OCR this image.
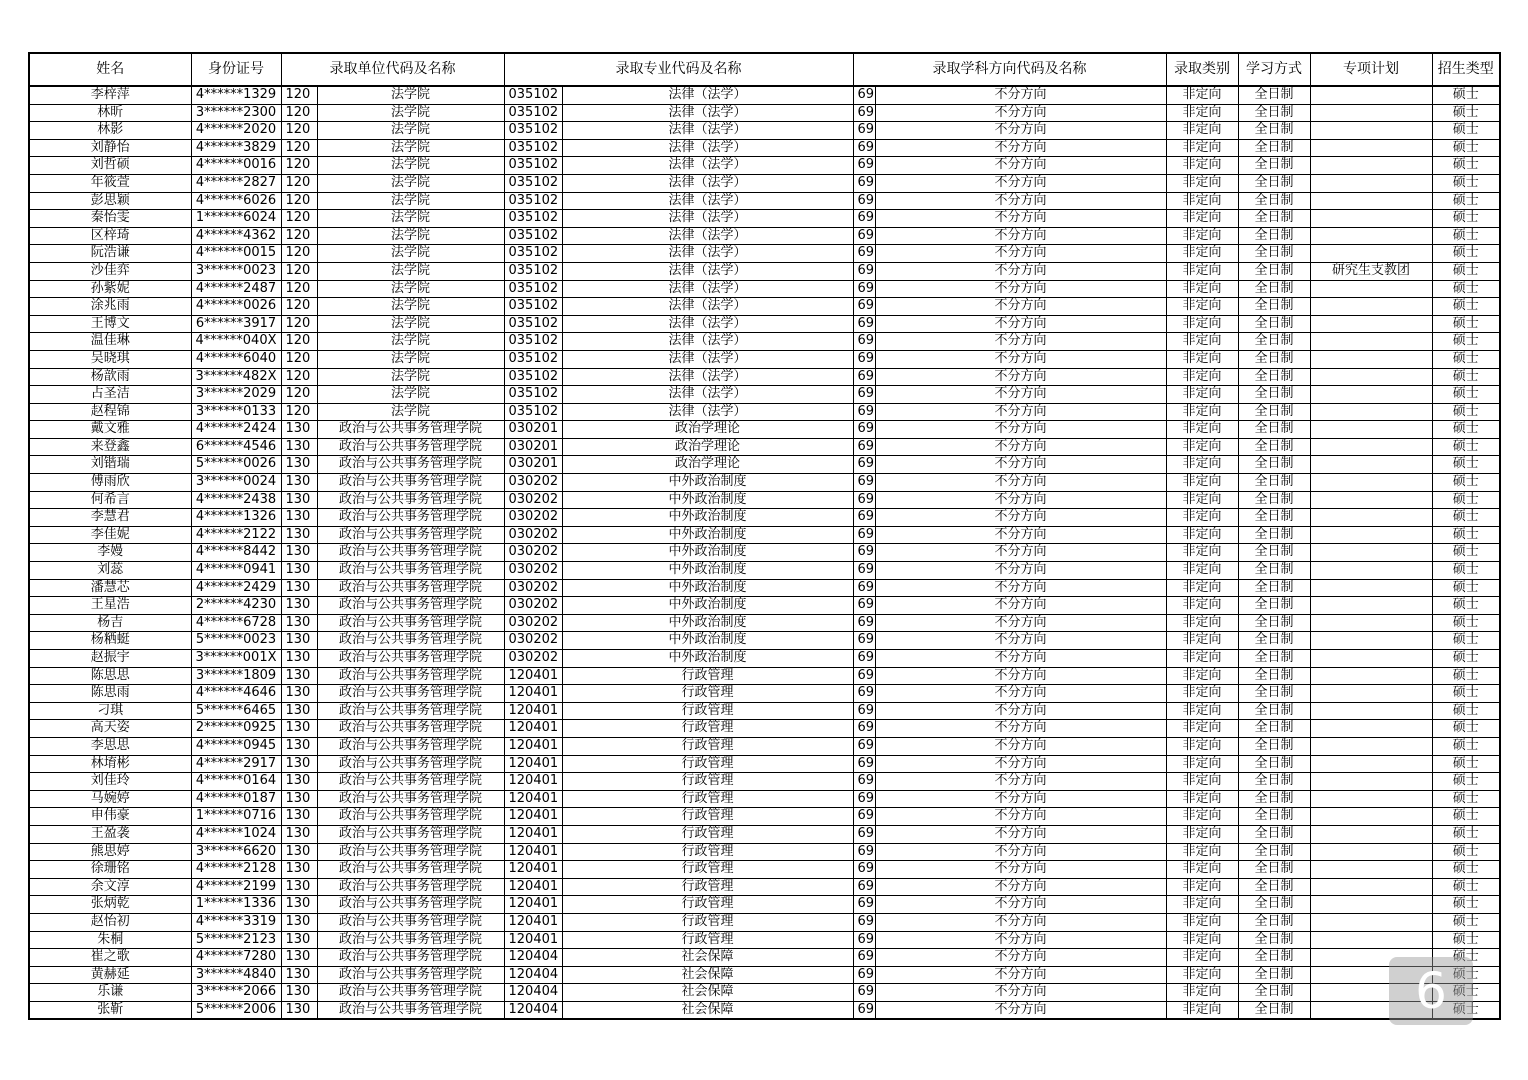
姓名	身份证号	录取单位代码及名称		录取专业代码及名称		录取学科方向代码及名称		录取类别	学习方式	专项计划	招生类型
李梓萍	4******1329	120	法学院	035102	法律（法学）	69	不分方向	非定向	全日制		硕士
林昕	3******2300	120	法学院	035102	法律（法学）	69	不分方向	非定向	全日制		硕士
林影	4******2020	120	法学院	035102	法律（法学）	69	不分方向	非定向	全日制		硕士
刘静怡	4******3829	120	法学院	035102	法律（法学）	69	不分方向	非定向	全日制		硕士
刘哲硕	4******0016	120	法学院	035102	法律（法学）	69	不分方向	非定向	全日制		硕士
年筱萱	4******2827	120	法学院	035102	法律（法学）	69	不分方向	非定向	全日制		硕士
彭思颖	4******6026	120	法学院	035102	法律（法学）	69	不分方向	非定向	全日制		硕士
秦怡雯	1******6024	120	法学院	035102	法律（法学）	69	不分方向	非定向	全日制		硕士
区梓琦	4******4362	120	法学院	035102	法律（法学）	69	不分方向	非定向	全日制		硕士
阮浩谦	4******0015	120	法学院	035102	法律（法学）	69	不分方向	非定向	全日制		硕士
沙佳弈	3******0023	120	法学院	035102	法律（法学）	69	不分方向	非定向	全日制	研究生支教团	硕士
孙紫妮	4******2487	120	法学院	035102	法律（法学）	69	不分方向	非定向	全日制		硕士
涂兆雨	4******0026	120	法学院	035102	法律（法学）	69	不分方向	非定向	全日制		硕士
王博文	6******3917	120	法学院	035102	法律（法学）	69	不分方向	非定向	全日制		硕士
温佳琳	4******040X	120	法学院	035102	法律（法学）	69	不分方向	非定向	全日制		硕士
吴晓琪	4******6040	120	法学院	035102	法律（法学）	69	不分方向	非定向	全日制		硕士
杨歆雨	3******482X	120	法学院	035102	法律（法学）	69	不分方向	非定向	全日制		硕士
占圣洁	3******2029	120	法学院	035102	法律（法学）	69	不分方向	非定向	全日制		硕士
赵程锦	3******0133	120	法学院	035102	法律（法学）	69	不分方向	非定向	全日制		硕士
戴文雅	4******2424	130	政治与公共事务管理学院	030201	政治学理论	69	不分方向	非定向	全日制		硕士
来登鑫	6******4546	130	政治与公共事务管理学院	030201	政治学理论	69	不分方向	非定向	全日制		硕士
刘锴瑞	5******0026	130	政治与公共事务管理学院	030201	政治学理论	69	不分方向	非定向	全日制		硕士
傅雨欣	3******0024	130	政治与公共事务管理学院	030202	中外政治制度	69	不分方向	非定向	全日制		硕士
何希言	4******2438	130	政治与公共事务管理学院	030202	中外政治制度	69	不分方向	非定向	全日制		硕士
李慧君	4******1326	130	政治与公共事务管理学院	030202	中外政治制度	69	不分方向	非定向	全日制		硕士
李佳妮	4******2122	130	政治与公共事务管理学院	030202	中外政治制度	69	不分方向	非定向	全日制		硕士
李嫚	4******8442	130	政治与公共事务管理学院	030202	中外政治制度	69	不分方向	非定向	全日制		硕士
刘蕊	4******0941	130	政治与公共事务管理学院	030202	中外政治制度	69	不分方向	非定向	全日制		硕士
潘慧芯	4******2429	130	政治与公共事务管理学院	030202	中外政治制度	69	不分方向	非定向	全日制		硕士
王星浩	2******4230	130	政治与公共事务管理学院	030202	中外政治制度	69	不分方向	非定向	全日制		硕士
杨吉	4******6728	130	政治与公共事务管理学院	030202	中外政治制度	69	不分方向	非定向	全日制		硕士
杨粞蜓	5******0023	130	政治与公共事务管理学院	030202	中外政治制度	69	不分方向	非定向	全日制		硕士
赵振宇	3******001X	130	政治与公共事务管理学院	030202	中外政治制度	69	不分方向	非定向	全日制		硕士
陈思思	3******1809	130	政治与公共事务管理学院	120401	行政管理	69	不分方向	非定向	全日制		硕士
陈思雨	4******4646	130	政治与公共事务管理学院	120401	行政管理	69	不分方向	非定向	全日制		硕士
刁琪	5******6465	130	政治与公共事务管理学院	120401	行政管理	69	不分方向	非定向	全日制		硕士
高天姿	2******0925	130	政治与公共事务管理学院	120401	行政管理	69	不分方向	非定向	全日制		硕士
李思思	4******0945	130	政治与公共事务管理学院	120401	行政管理	69	不分方向	非定向	全日制		硕士
林堉彬	4******2917	130	政治与公共事务管理学院	120401	行政管理	69	不分方向	非定向	全日制		硕士
刘佳玲	4******0164	130	政治与公共事务管理学院	120401	行政管理	69	不分方向	非定向	全日制		硕士
马婉婷	4******0187	130	政治与公共事务管理学院	120401	行政管理	69	不分方向	非定向	全日制		硕士
申伟豪	1******0716	130	政治与公共事务管理学院	120401	行政管理	69	不分方向	非定向	全日制		硕士
王盈袭	4******1024	130	政治与公共事务管理学院	120401	行政管理	69	不分方向	非定向	全日制		硕士
熊思婷	3******6620	130	政治与公共事务管理学院	120401	行政管理	69	不分方向	非定向	全日制		硕士
徐珊铭	4******2128	130	政治与公共事务管理学院	120401	行政管理	69	不分方向	非定向	全日制		硕士
余文淳	4******2199	130	政治与公共事务管理学院	120401	行政管理	69	不分方向	非定向	全日制		硕士
张炳乾	1******1336	130	政治与公共事务管理学院	120401	行政管理	69	不分方向	非定向	全日制		硕士
赵怡初	4******3319	130	政治与公共事务管理学院	120401	行政管理	69	不分方向	非定向	全日制		硕士
朱桐	5******2123	130	政治与公共事务管理学院	120401	行政管理	69	不分方向	非定向	全日制		硕士
崔之歌	4******7280	130	政治与公共事务管理学院	120404	社会保障	69	不分方向	非定向	全日制		硕士
黄赫延	3******4840	130	政治与公共事务管理学院	120404	社会保障	69	不分方向	非定向	全日制		硕士
乐谦	3******2066	130	政治与公共事务管理学院	120404	社会保障	69	不分方向	非定向	全日制		硕士
张靳	5******2006	130	政治与公共事务管理学院	120404	社会保障	69	不分方向	非定向	全日制		硕士
6
